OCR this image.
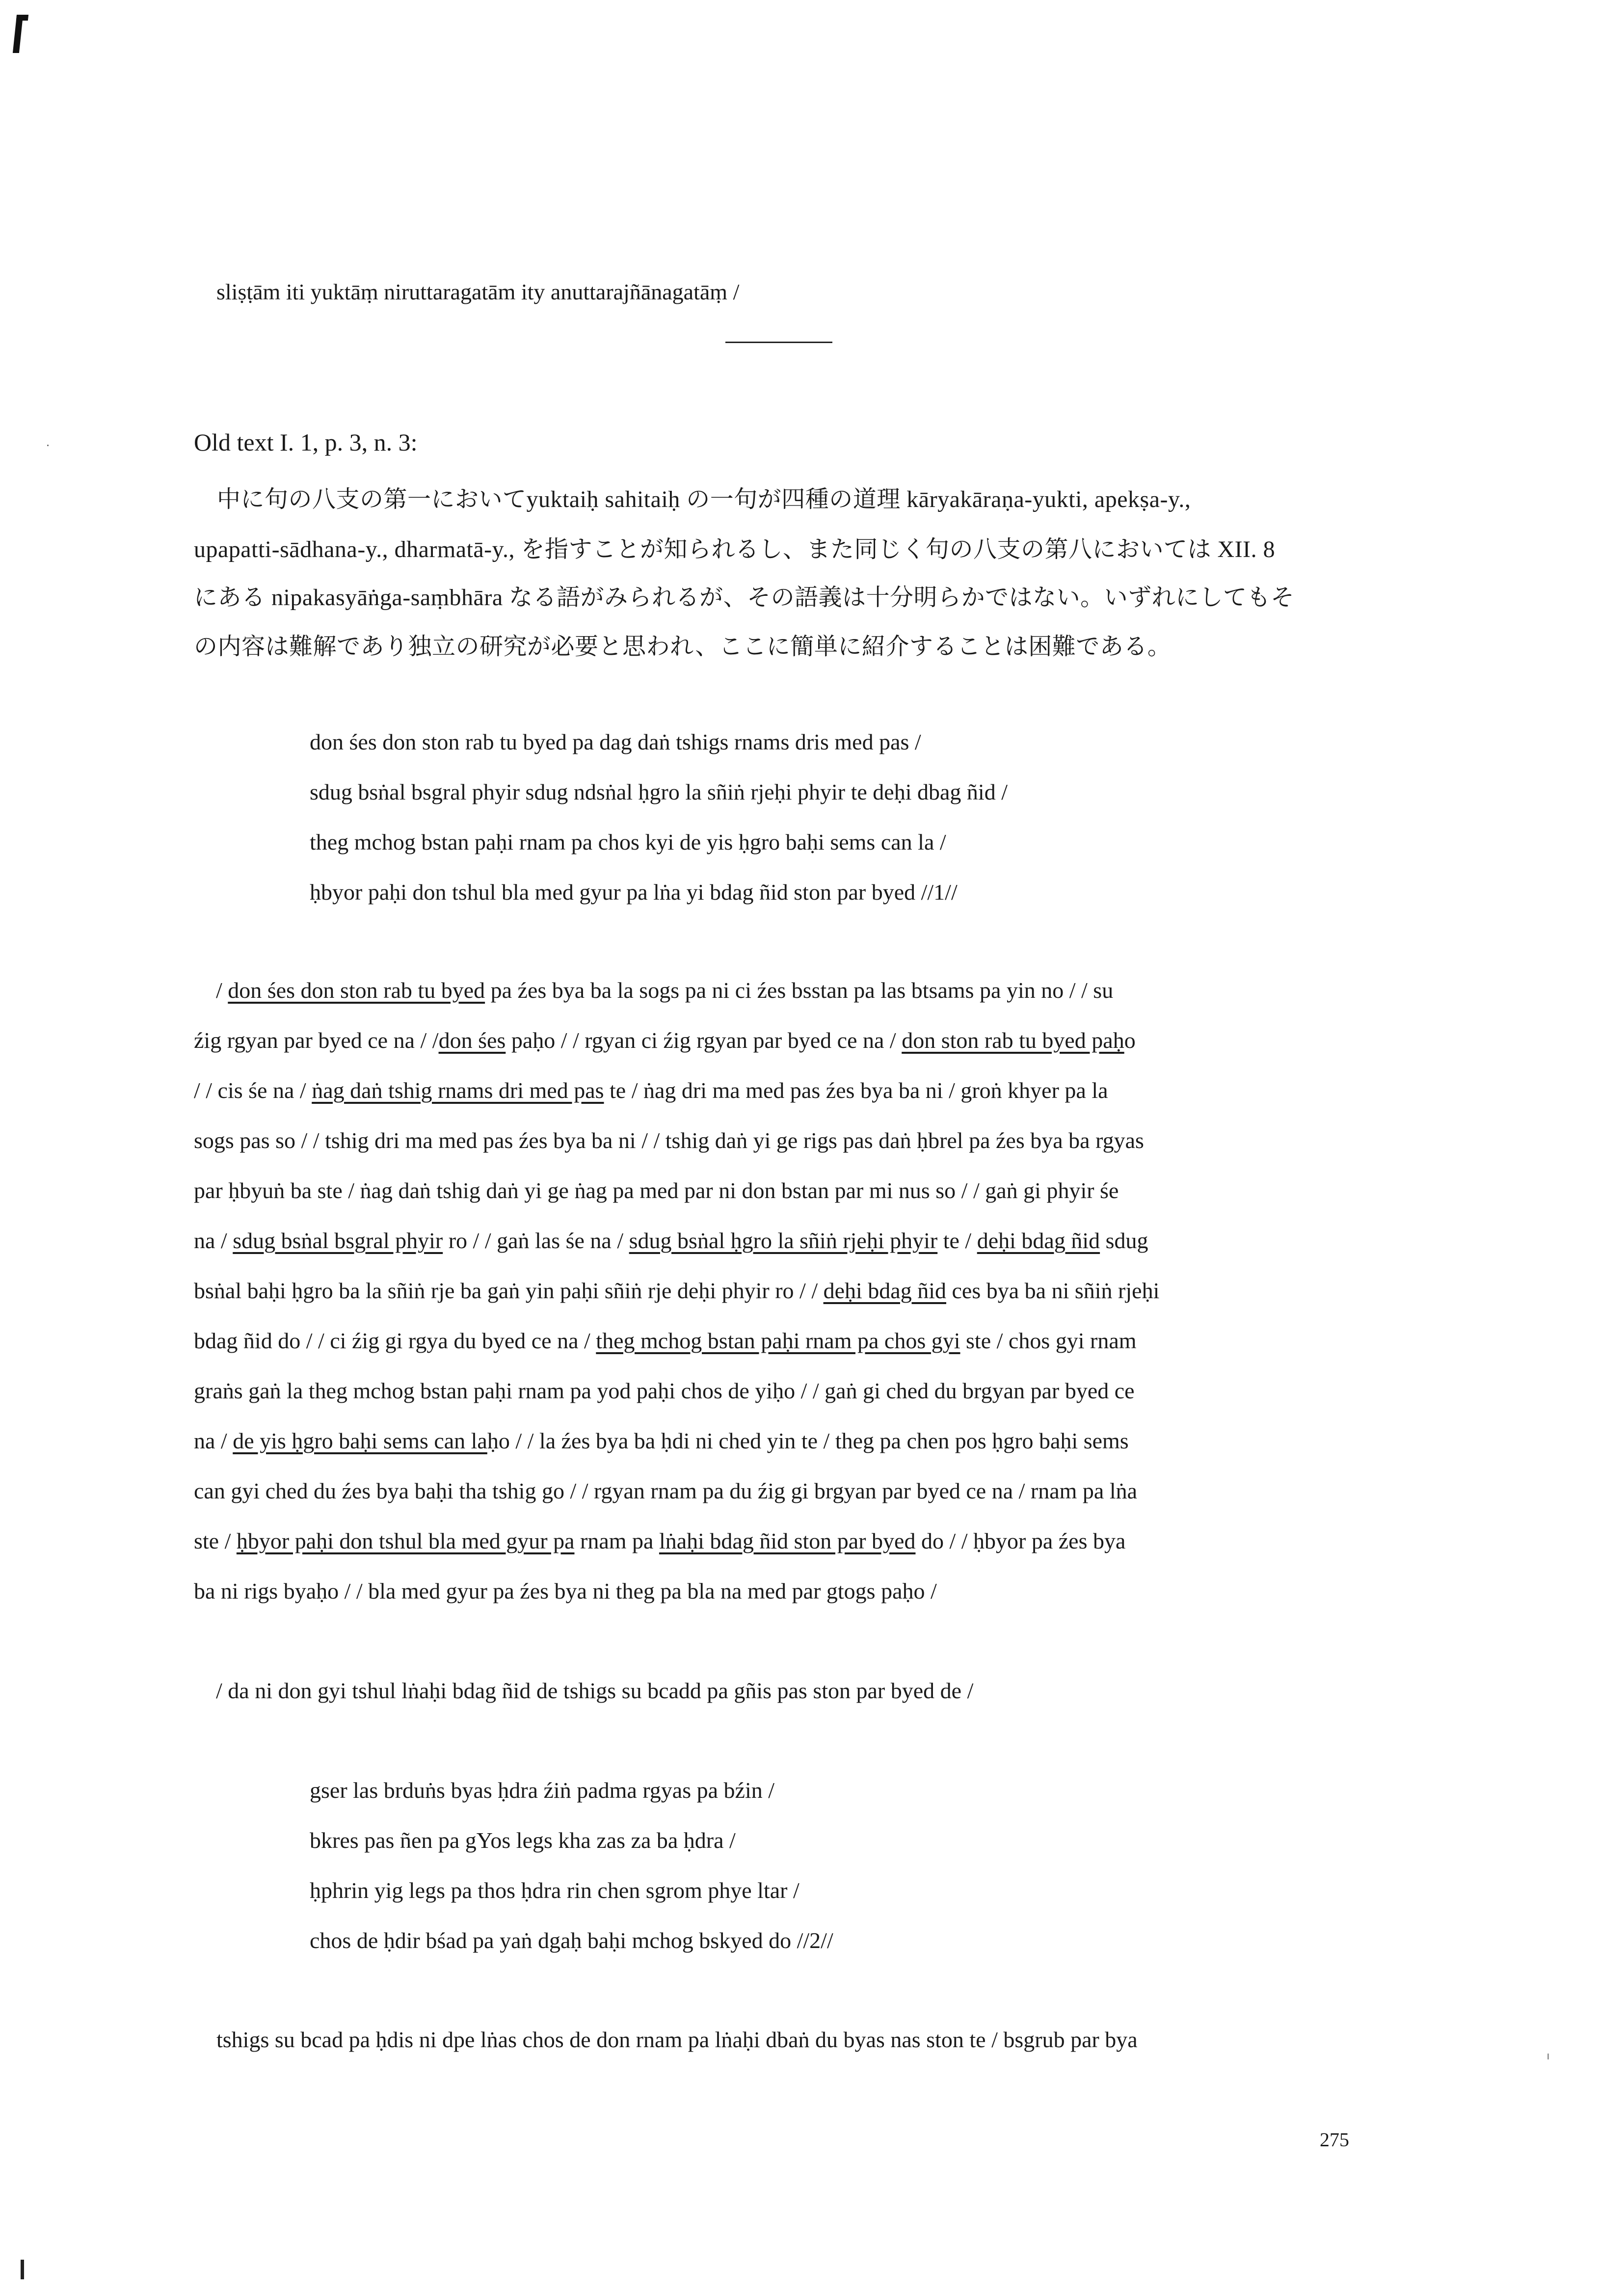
sliṣṭām iti yuktāṃ niruttaragatām ity anuttarajñānagatāṃ /
Old text I. 1, p. 3, n. 3:
中に句の八支の第一においてyuktaiḥ sahitaiḥ の一句が四種の道理 kāryakāraṇa-yukti, apekṣa-y.,
upapatti-sādhana-y., dharmatā-y., を指すことが知られるし、また同じく句の八支の第八においては XII. 8
にある nipakasyāṅga-saṃbhāra なる語がみられるが、その語義は十分明らかではない。いずれにしてもそ
の内容は難解であり独立の研究が必要と思われ、ここに簡単に紹介することは困難である。
don śes don ston rab tu byed pa dag daṅ tshigs rnams dris med pas /
sdug bsṅal bsgral phyir sdug ndsṅal ḥgro la sñiṅ rjeḥi phyir te deḥi dbag ñid /
theg mchog bstan paḥi rnam pa chos kyi de yis ḥgro baḥi sems can la /
ḥbyor paḥi don tshul bla med gyur pa lṅa yi bdag ñid ston par byed //1//
/ don śes don ston rab tu byed pa źes bya ba la sogs pa ni ci źes bsstan pa las btsams pa yin no / / su
źig rgyan par byed ce na / /don śes paḥo / / rgyan ci źig rgyan par byed ce na / don ston rab tu byed paḥo
/ / cis śe na / ṅag daṅ tshig rnams dri med pas te / ṅag dri ma med pas źes bya ba ni / groṅ khyer pa la
sogs pas so / / tshig dri ma med pas źes bya ba ni / / tshig daṅ yi ge rigs pas daṅ ḥbrel pa źes bya ba rgyas
par ḥbyuṅ ba ste / ṅag daṅ tshig daṅ yi ge ṅag pa med par ni don bstan par mi nus so / / gaṅ gi phyir śe
na / sdug bsṅal bsgral phyir ro / / gaṅ las śe na / sdug bsṅal ḥgro la sñiṅ rjeḥi phyir te / deḥi bdag ñid sdug
bsṅal baḥi ḥgro ba la sñiṅ rje ba gaṅ yin paḥi sñiṅ rje deḥi phyir ro / / deḥi bdag ñid ces bya ba ni sñiṅ rjeḥi
bdag ñid do / / ci źig gi rgya du byed ce na / theg mchog bstan paḥi rnam pa chos gyi ste / chos gyi rnam
graṅs gaṅ la theg mchog bstan paḥi rnam pa yod paḥi chos de yiḥo / / gaṅ gi ched du brgyan par byed ce
na / de yis ḥgro baḥi sems can laḥo / / la źes bya ba ḥdi ni ched yin te / theg pa chen pos ḥgro baḥi sems
can gyi ched du źes bya baḥi tha tshig go / / rgyan rnam pa du źig gi brgyan par byed ce na / rnam pa lṅa
ste / ḥbyor paḥi don tshul bla med gyur pa rnam pa lṅaḥi bdag ñid ston par byed do / / ḥbyor pa źes bya
ba ni rigs byaḥo / / bla med gyur pa źes bya ni theg pa bla na med par gtogs paḥo /
/ da ni don gyi tshul lṅaḥi bdag ñid de tshigs su bcadd pa gñis pas ston par byed de /
gser las brduṅs byas ḥdra źiṅ padma rgyas pa bźin /
bkres pas ñen pa gYos legs kha zas za ba ḥdra /
ḥphrin yig legs pa thos ḥdra rin chen sgrom phye ltar /
chos de ḥdir bśad pa yaṅ dgaḥ baḥi mchog bskyed do //2//
tshigs su bcad pa ḥdis ni dpe lṅas chos de don rnam pa lṅaḥi dbaṅ du byas nas ston te / bsgrub par bya
275
